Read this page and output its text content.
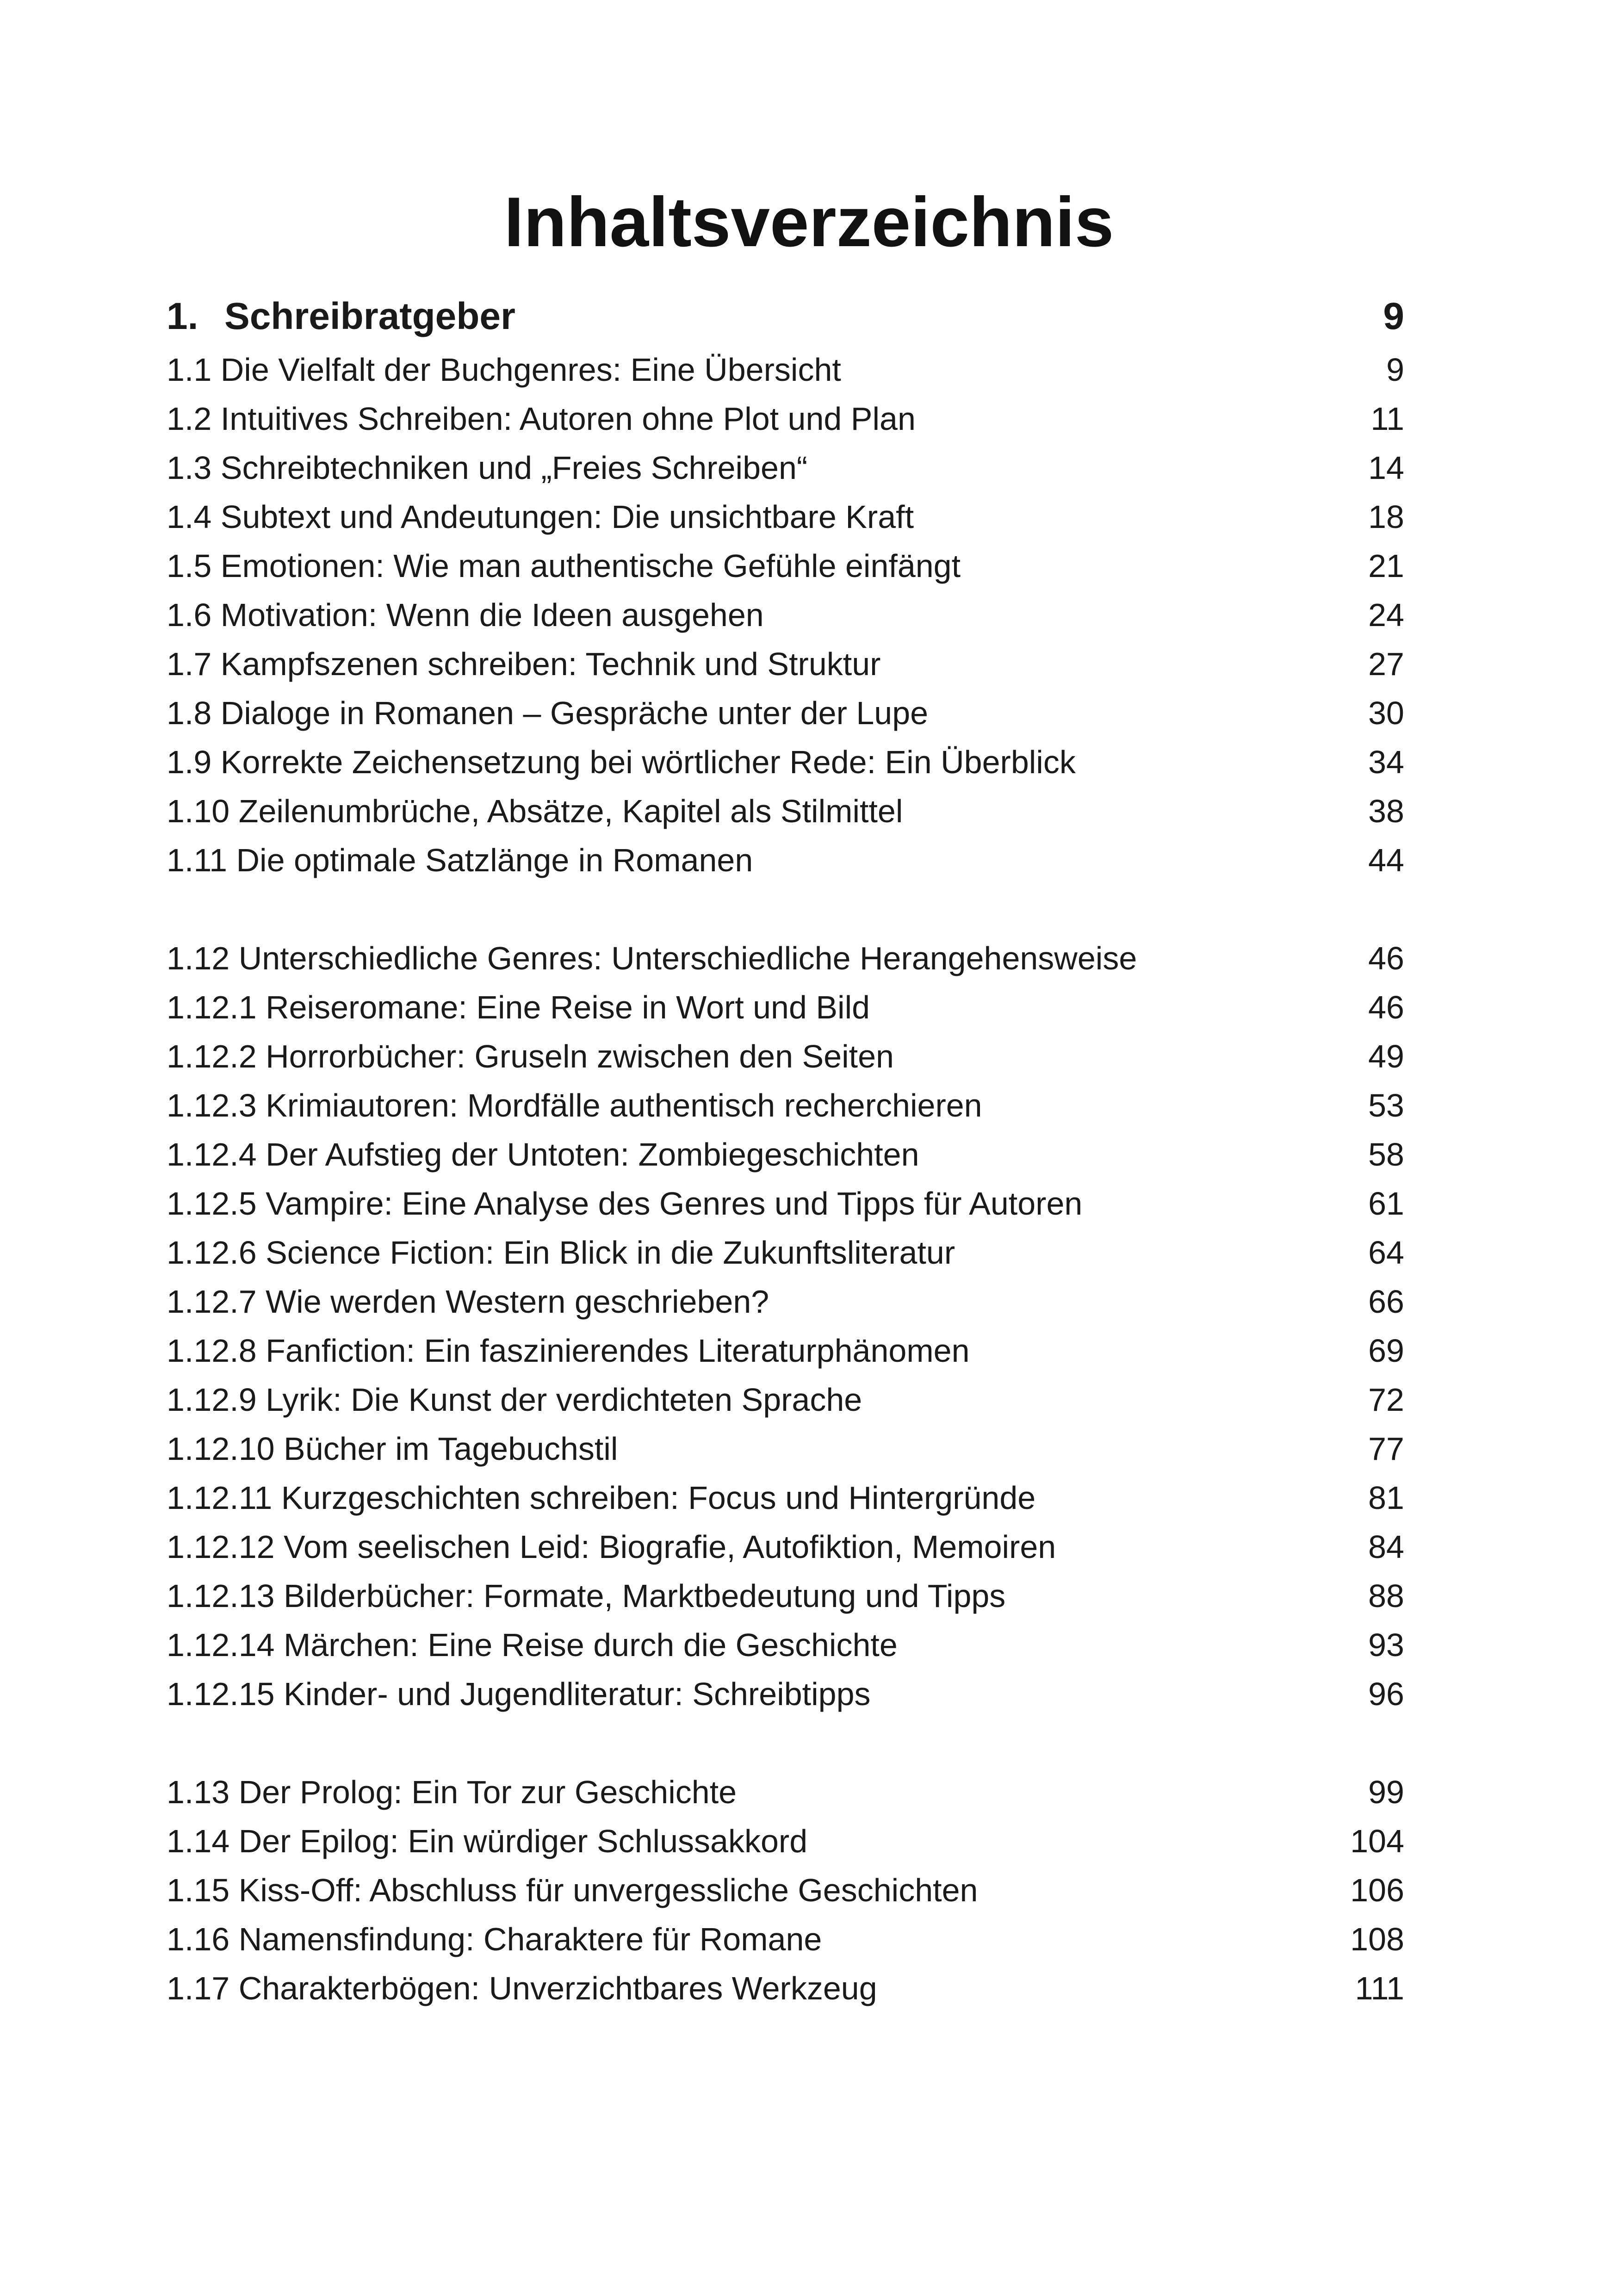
Inhaltsverzeichnis
1. Schreibratgeber	9
1.1 Die Vielfalt der Buchgenres: Eine Übersicht	9
1.2 Intuitives Schreiben: Autoren ohne Plot und Plan	11
1.3 Schreibtechniken und „Freies Schreiben“	14
1.4 Subtext und Andeutungen: Die unsichtbare Kraft	18
1.5 Emotionen: Wie man authentische Gefühle einfängt	21
1.6 Motivation: Wenn die Ideen ausgehen	24
1.7 Kampfszenen schreiben: Technik und Struktur	27
1.8 Dialoge in Romanen – Gespräche unter der Lupe	30
1.9 Korrekte Zeichensetzung bei wörtlicher Rede: Ein Überblick	34
1.10 Zeilenumbrüche, Absätze, Kapitel als Stilmittel	38
1.11 Die optimale Satzlänge in Romanen	44
1.12 Unterschiedliche Genres: Unterschiedliche Herangehensweise	46
1.12.1 Reiseromane: Eine Reise in Wort und Bild	46
1.12.2 Horrorbücher: Gruseln zwischen den Seiten	49
1.12.3 Krimiautoren: Mordfälle authentisch recherchieren	53
1.12.4 Der Aufstieg der Untoten: Zombiegeschichten	58
1.12.5 Vampire: Eine Analyse des Genres und Tipps für Autoren	61
1.12.6 Science Fiction: Ein Blick in die Zukunftsliteratur	64
1.12.7 Wie werden Western geschrieben?	66
1.12.8 Fanfiction: Ein faszinierendes Literaturphänomen	69
1.12.9 Lyrik: Die Kunst der verdichteten Sprache	72
1.12.10 Bücher im Tagebuchstil	77
1.12.11 Kurzgeschichten schreiben: Focus und Hintergründe	81
1.12.12 Vom seelischen Leid: Biografie, Autofiktion, Memoiren	84
1.12.13 Bilderbücher: Formate, Marktbedeutung und Tipps	88
1.12.14 Märchen: Eine Reise durch die Geschichte	93
1.12.15 Kinder- und Jugendliteratur: Schreibtipps	96
1.13 Der Prolog: Ein Tor zur Geschichte	99
1.14 Der Epilog: Ein würdiger Schlussakkord	104
1.15 Kiss-Off: Abschluss für unvergessliche Geschichten	106
1.16 Namensfindung: Charaktere für Romane	108
1.17 Charakterbögen: Unverzichtbares Werkzeug	111
